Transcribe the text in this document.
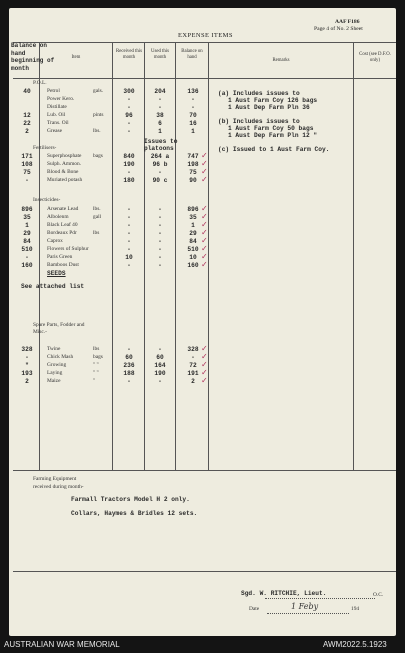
AAF F186
Page 4 of No. 2 Sheet
EXPENSE ITEMS
Balance on hand beginning of month
Item
Received this month
Used this month
Balance on hand
Remarks
Cost (see D.F.O. only)
P.O.L.
40	Petrol	gals.	300	204	136
Power Kero.	-	-	-
Distillate	-	-	-
12	Lub. Oil	pints	96	38	70
22	Trans. Oil	-	6	16
2	Grease	lbs.	-	1	1
(a) Includes issues to
1 Aust Farm Coy 126 bags
1 Aust Dep Farm Pln 36
(b) Includes issues to
1 Aust Farm Coy 50 bags
1 Aust Dep Farm Pln 12 "
(c) Issued to 1 Aust Farm Coy.
Fertilisers-
Issues to
platoons
171	Superphosphate bags	840	264 a	747 ✓
108	Sulph. Ammon.	190	96 b	198 ✓
75	Blood & Bone	-	-	75 ✓
-	Muriated potash	180	90 c	90 ✓
Insecticides-
896	Arsenate Lead	lbs.	-	-	896 ✓
35	Albolenm	gall	-	-	35 ✓
1	Black Leaf 40	-	-	1 ✓
29	Bordeaux Pdr	lbs	-	-	29 ✓
84	Caprox	-	-	84 ✓
510	Flowers of Sulphur	-	-	510 ✓
-	Paris Green	10	-	10 ✓
160	Bamboos Dust	-	-	160 ✓
SEEDS
See attached list
Spare Parts, Fodder and
Misc.-
328	Twine	lbs	-	-	328 ✓
-	Chick Mash	bags	60	60	- ✓
"	Growing	" "	236	164	72 ✓
193	Laying	" "	188	190	191 ✓
2	Maize	"	-	-	2 ✓
Farming Equipment
received during month-
Farmall Tractors Model H 2 only.
Collars, Haymes & Bridles 12 sets.
Sgd. W. RITCHIE, Lieut.	O.C.
Date	1 Feby	194
AUSTRALIAN WAR MEMORIAL	AWM2022.5.1923
